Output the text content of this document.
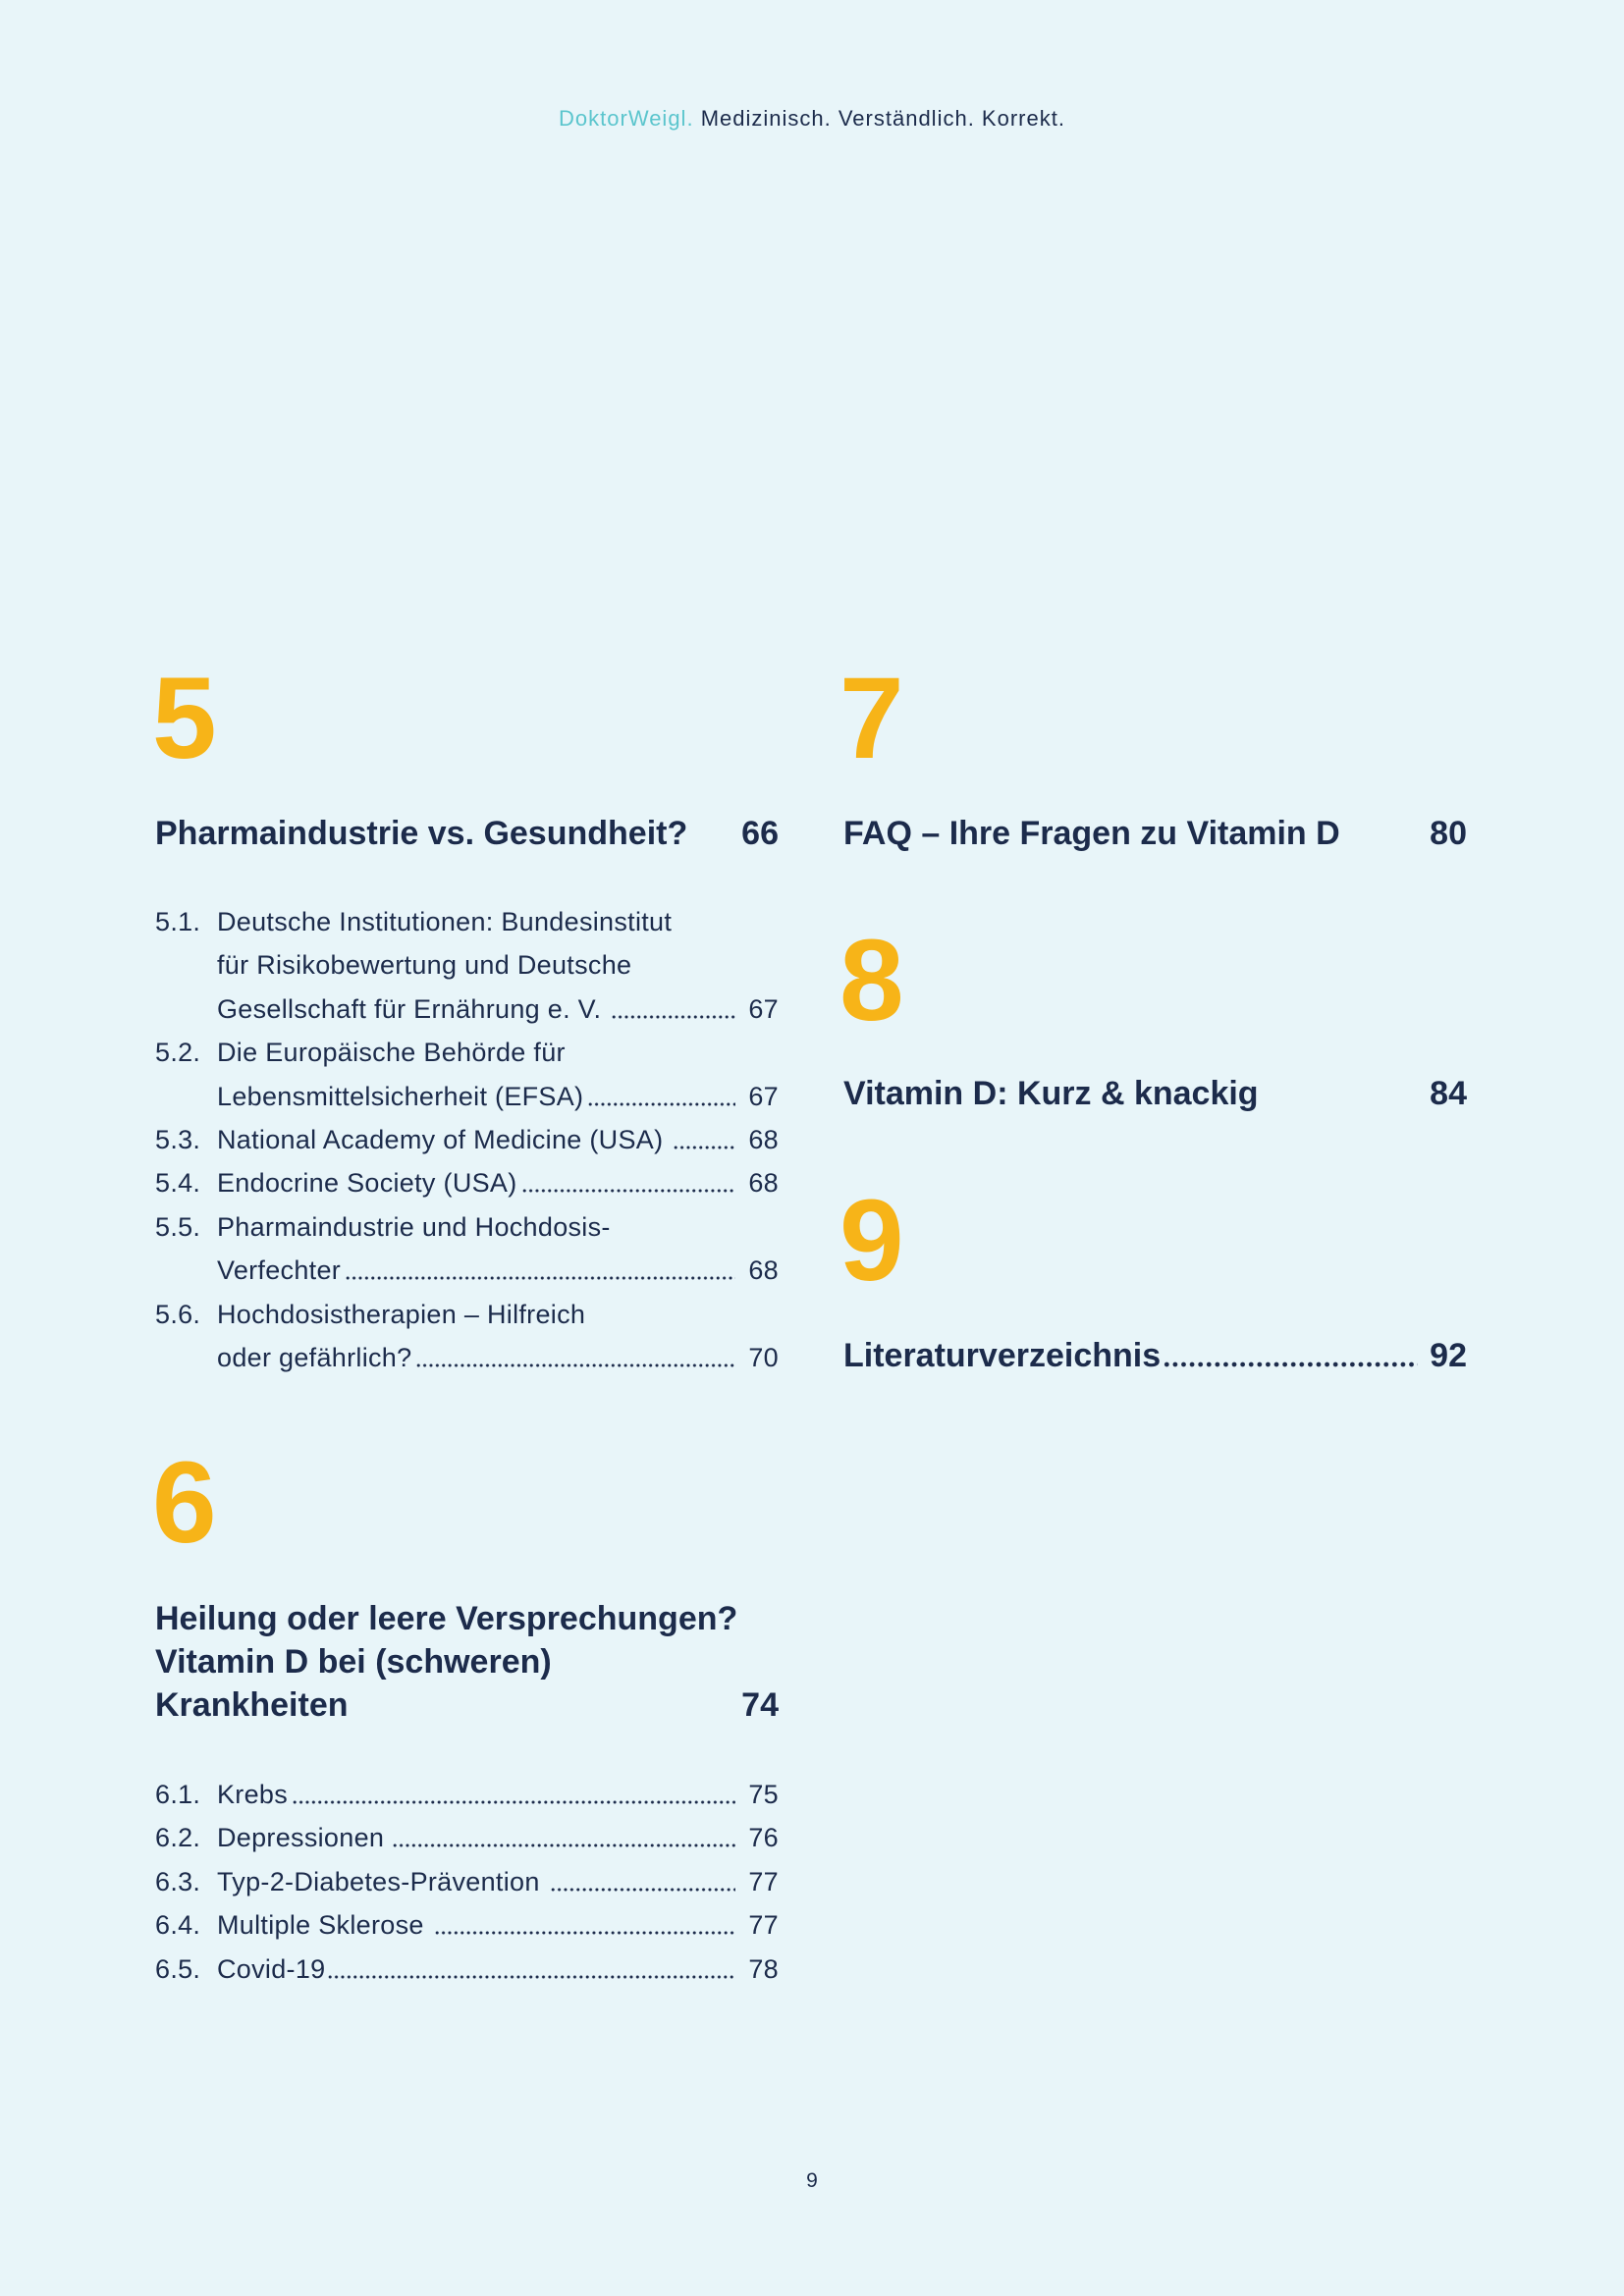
DoktorWeigl. Medizinisch. Verständlich. Korrekt.
5
Pharmaindustrie vs. Gesundheit? 66
5.1. Deutsche Institutionen: Bundesinstitut
für Risikobewertung und Deutsche
Gesellschaft für Ernährung e. V.	67
5.2. Die Europäische Behörde für
Lebensmittelsicherheit (EFSA)	67
5.3. National Academy of Medicine (USA)	68
5.4. Endocrine Society (USA)	68
5.5. Pharmaindustrie und Hochdosis-
Verfechter	68
5.6. Hochdosistherapien – Hilfreich
oder gefährlich?	70
6
Heilung oder leere Versprechungen?
Vitamin D bei (schweren)
Krankheiten	74
6.1. Krebs	75
6.2. Depressionen	76
6.3. Typ-2-Diabetes-Prävention	77
6.4. Multiple Sklerose	77
6.5. Covid-19	78
7
FAQ – Ihre Fragen zu Vitamin D	80
8
Vitamin D: Kurz & knackig	84
9
Literaturverzeichnis	92
9
